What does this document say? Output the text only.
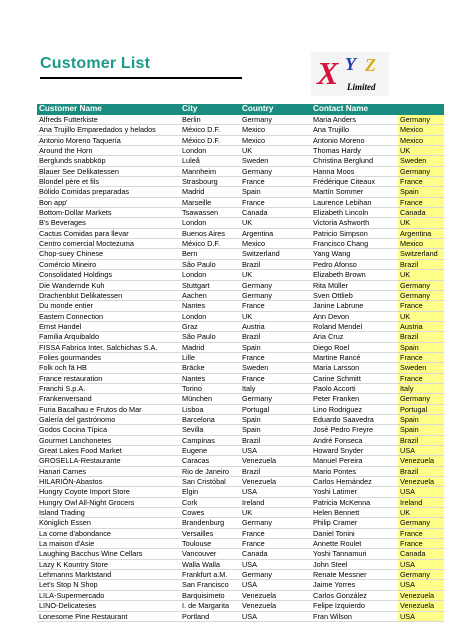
Customer List	X Y Z
Limited
Customer Name	City	Country	Contact Name	
Alfreds Futterkiste	Berlin	Germany	Maria Anders	Germany
Ana Trujillo Emparedados y helados	México D.F.	Mexico	Ana Trujillo	Mexico
Antonio Moreno Taquería	México D.F.	Mexico	Antonio Moreno	Mexico
Around the Horn	London	UK	Thomas Hardy	UK
Berglunds snabbköp	Luleå	Sweden	Christina Berglund	Sweden
Blauer See Delikatessen	Mannheim	Germany	Hanna Moos	Germany
Blondel père et fils	Strasbourg	France	Frédérique Citeaux	France
Bólido Comidas preparadas	Madrid	Spain	Martín Sommer	Spain
Bon app'	Marseille	France	Laurence Lebihan	France
Bottom-Dollar Markets	Tsawassen	Canada	Elizabeth Lincoln	Canada
B's Beverages	London	UK	Victoria Ashworth	UK
Cactus Comidas para llevar	Buenos Aires	Argentina	Patricio Simpson	Argentina
Centro comercial Moctezuma	México D.F.	Mexico	Francisco Chang	Mexico
Chop-suey Chinese	Bern	Switzerland	Yang Wang	Switzerland
Comércio Mineiro	São Paulo	Brazil	Pedro Afonso	Brazil
Consolidated Holdings	London	UK	Elizabeth Brown	UK
Die Wandernde Kuh	Stuttgart	Germany	Rita Müller	Germany
Drachenblut Delikatessen	Aachen	Germany	Sven Ottlieb	Germany
Du monde entier	Nantes	France	Janine Labrune	France
Eastern Connection	London	UK	Ann Devon	UK
Ernst Handel	Graz	Austria	Roland Mendel	Austria
Familia Arquibaldo	São Paulo	Brazil	Aria Cruz	Brazil
FISSA Fabrica Inter. Salchichas S.A.	Madrid	Spain	Diego Roel	Spain
Folies gourmandes	Lille	France	Martine Rancé	France
Folk och fä HB	Bräcke	Sweden	Maria Larsson	Sweden
France restauration	Nantes	France	Carine Schmitt	France
Franchi S.p.A.	Torino	Italy	Paolo Accorti	Italy
Frankenversand	München	Germany	Peter Franken	Germany
Furia Bacalhau e Frutos do Mar	Lisboa	Portugal	Lino Rodriguez	Portugal
Galería del gastrónomo	Barcelona	Spain	Eduardo Saavedra	Spain
Godos Cocina Típica	Sevilla	Spain	José Pedro Freyre	Spain
Gourmet Lanchonetes	Campinas	Brazil	André Fonseca	Brazil
Great Lakes Food Market	Eugene	USA	Howard Snyder	USA
GROSELLA-Restaurante	Caracas	Venezuela	Manuel Pereira	Venezuela
Hanari Carnes	Rio de Janeiro	Brazil	Mario Pontes	Brazil
HILARIÓN-Abastos	San Cristóbal	Venezuela	Carlos Hernández	Venezuela
Hungry Coyote Import Store	Elgin	USA	Yoshi Latimer	USA
Hungry Owl All-Night Grocers	Cork	Ireland	Patricia McKenna	Ireland
Island Trading	Cowes	UK	Helen Bennett	UK
Königlich Essen	Brandenburg	Germany	Philip Cramer	Germany
La corne d'abondance	Versailles	France	Daniel Tonini	France
La maison d'Asie	Toulouse	France	Annette Roulet	France
Laughing Bacchus Wine Cellars	Vancouver	Canada	Yoshi Tannamuri	Canada
Lazy K Kountry Store	Walla Walla	USA	John Steel	USA
Lehmanns Marktstand	Frankfurt a.M.	Germany	Renate Messner	Germany
Let's Stop N Shop	San Francisco	USA	Jaime Yorres	USA
LILA-Supermercado	Barquisimeto	Venezuela	Carlos González	Venezuela
LINO-Delicateses	I. de Margarita	Venezuela	Felipe Izquierdo	Venezuela
Lonesome Pine Restaurant	Portland	USA	Fran Wilson	USA
